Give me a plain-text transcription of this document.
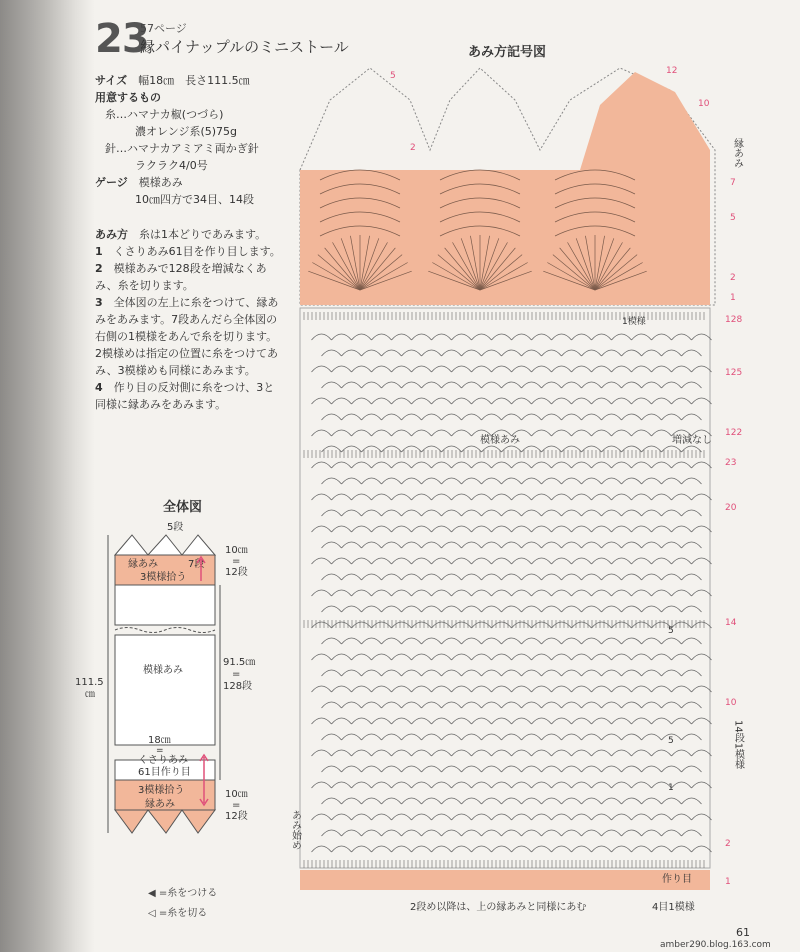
23
57ページ
縁パイナップルのミニストール
サイズ　 幅18㎝　長さ111.5㎝
用意するもの
糸…ハマナカ椒(つづら)
濃オレンジ系(5)75g
針…ハマナカアミアミ両かぎ針
ラクラク4/0号
ゲージ　 模様あみ
10㎝四方で34目、14段
あみ方　 糸は1本どりであみます。
1　 くさりあみ61目を作り目します。
2　 模様あみで128段を増減なくあみ、糸を切ります。
3　 全体図の左上に糸をつけて、縁あみをあみます。7段あんだら全体図の右側の1模様をあんで糸を切ります。2模様めは指定の位置に糸をつけてあみ、3模様めも同様にあみます。
4　 作り目の反対側に糸をつけ、3と同様に縁あみをあみます。
全体図
5段
縁あみ	7段
3模様拾う
10㎝
=
12段
模様あみ
111.5
㎝
91.5㎝
=
128段
18㎝
=
くさりあみ
61目作り目
3模様拾う
縁あみ
10㎝
=
12段
◀ =糸をつける
◁ =糸を切る
あみ方記号図
12
10
7
5
2
1
5
2
128
125
122
23
20
14
10
2
1
縁あみ
1模様
模様あみ	増減なし
14段1模様
あみ始め
作り目
4目1模様
2段め以降は、上の縁あみと同様にあむ
5
5
1
61
amber290.blog.163.com
